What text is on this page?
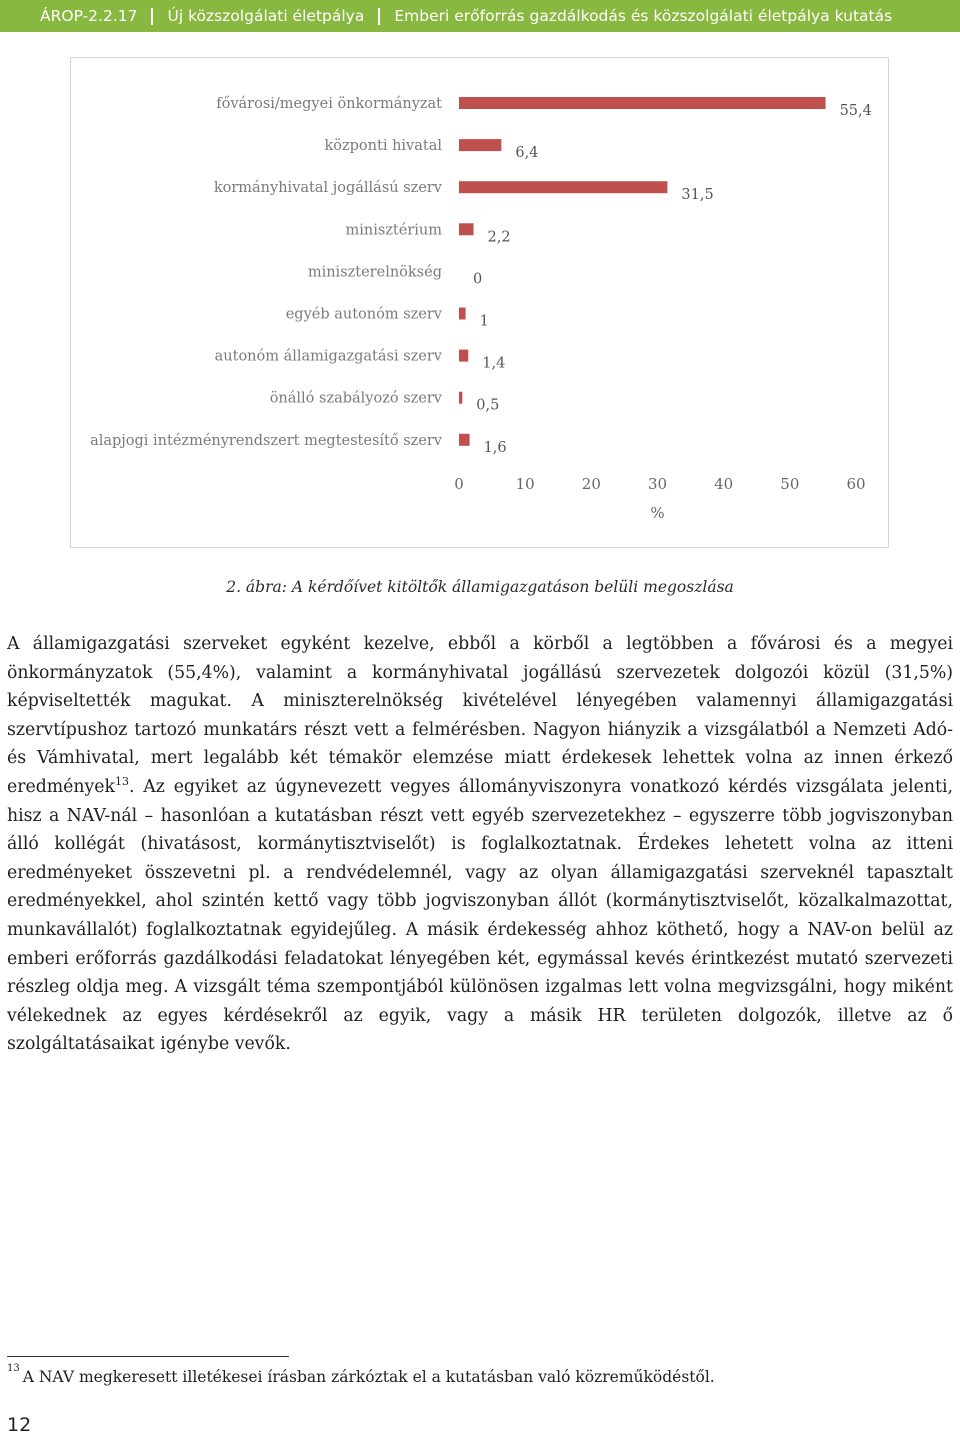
ÁROP-2.2.17 Új közszolgálati életpálya Emberi erőforrás gazdálkodás és közszolgálati életpálya kutatás
fővárosi/megyei önkormányzat	55,4
központi hivatal	6,4
kormányhivatal jogállású szerv	31,5
minisztérium	2,2
miniszterelnökség 0
egyéb autonóm szerv	1
autonóm államigazgatási szerv	1,4
önálló szabályozó szerv 0,5
alapjogi intézményrendszert megtestesítő szerv	1,6
0	10	20	30	40	50	60
%
2. ábra: A kérdőívet kitöltők államigazgatáson belüli megoszlása

A államigazgatási szerveket egyként kezelve, ebből a körből a legtöbben a fővárosi és a megyei önkormányzatok (55,4%), valamint a kormányhivatal jogállású szervezetek dolgozói közül (31,5%) képviseltették magukat. A miniszterelnökség kivételével lényegében valamennyi államigazgatási szervtípushoz tartozó munkatárs részt vett a felmérésben. Nagyon hiányzik a vizsgálatból a Nemzeti Adó-és Vámhivatal, mert legalább két témakör elemzése miatt érdekesek lehettek volna az innen érkező eredmények$^{13}$. Az egyiket az úgynevezett vegyes állományviszonyra vonatkozó kérdés vizsgálata jelenti, hisz a NAV-nál – hasonlóan a kutatásban részt vett egyéb szervezetekhez – egyszerre több jogviszonyban álló kollégát (hivatásost, kormánytisztviselőt) is foglalkoztatnak. Érdekes lehetett volna az itteni eredményeket összevetni pl. a rendvédelemnél, vagy az olyan államigazgatási szerveknél tapasztalt eredményekkel, ahol szintén kettő vagy több jogviszonyban állót (kormánytisztviselőt, közalkalmazottat, munkavállalót) foglalkoztatnak egyidejűleg. A másik érdekesség ahhoz köthető, hogy a NAV-on belül az emberi erőforrás gazdálkodási feladatokat lényegében két, egymással kevés érintkezést mutató szervezeti részleg oldja meg. A vizsgált téma szempontjából különösen izgalmas lett volna megvizsgálni, hogy miként vélekednek az egyes kérdésekről az egyik, vagy a másik HR területen dolgozók, illetve az ő szolgáltatásaikat igénybe vevők.

$^{13}$ A NAV megkeresett illetékesei írásban zárkóztak el a kutatásban való közreműködéstől.
12
